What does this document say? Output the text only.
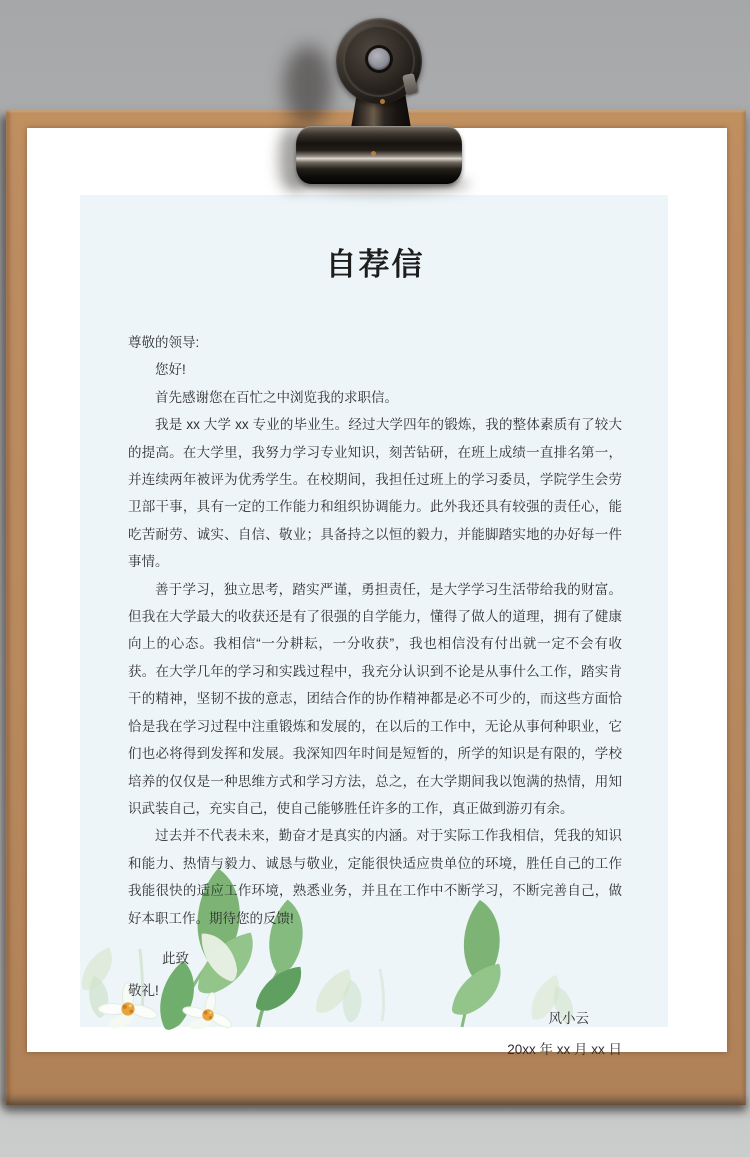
自荐信
尊敬的领导:
您好!
首先感谢您在百忙之中浏览我的求职信。
我是 xx 大学 xx 专业的毕业生。经过大学四年的锻炼，我的整体素质有了较大的提高。在大学里，我努力学习专业知识，刻苦钻研，在班上成绩一直排名第一，并连续两年被评为优秀学生。在校期间，我担任过班上的学习委员，学院学生会劳卫部干事，具有一定的工作能力和组织协调能力。此外我还具有较强的责任心，能吃苦耐劳、诚实、自信、敬业；具备持之以恒的毅力，并能脚踏实地的办好每一件事情。
善于学习，独立思考，踏实严谨，勇担责任，是大学学习生活带给我的财富。但我在大学最大的收获还是有了很强的自学能力，懂得了做人的道理，拥有了健康向上的心态。我相信“一分耕耘，一分收获”，我也相信没有付出就一定不会有收获。在大学几年的学习和实践过程中，我充分认识到不论是从事什么工作，踏实肯干的精神，坚韧不拔的意志，团结合作的协作精神都是必不可少的，而这些方面恰恰是我在学习过程中注重锻炼和发展的，在以后的工作中，无论从事何种职业，它们也必将得到发挥和发展。我深知四年时间是短暂的，所学的知识是有限的，学校培养的仅仅是一种思维方式和学习方法，总之，在大学期间我以饱满的热情，用知识武装自己，充实自己，使自己能够胜任许多的工作，真正做到游刃有余。
过去并不代表未来，勤奋才是真实的内涵。对于实际工作我相信，凭我的知识和能力、热情与毅力、诚恳与敬业，定能很快适应贵单位的环境，胜任自己的工作我能很快的适应工作环境，熟悉业务，并且在工作中不断学习，不断完善自己，做好本职工作。期待您的反馈!
此致
敬礼!
风小云
20xx 年 xx 月 xx 日
